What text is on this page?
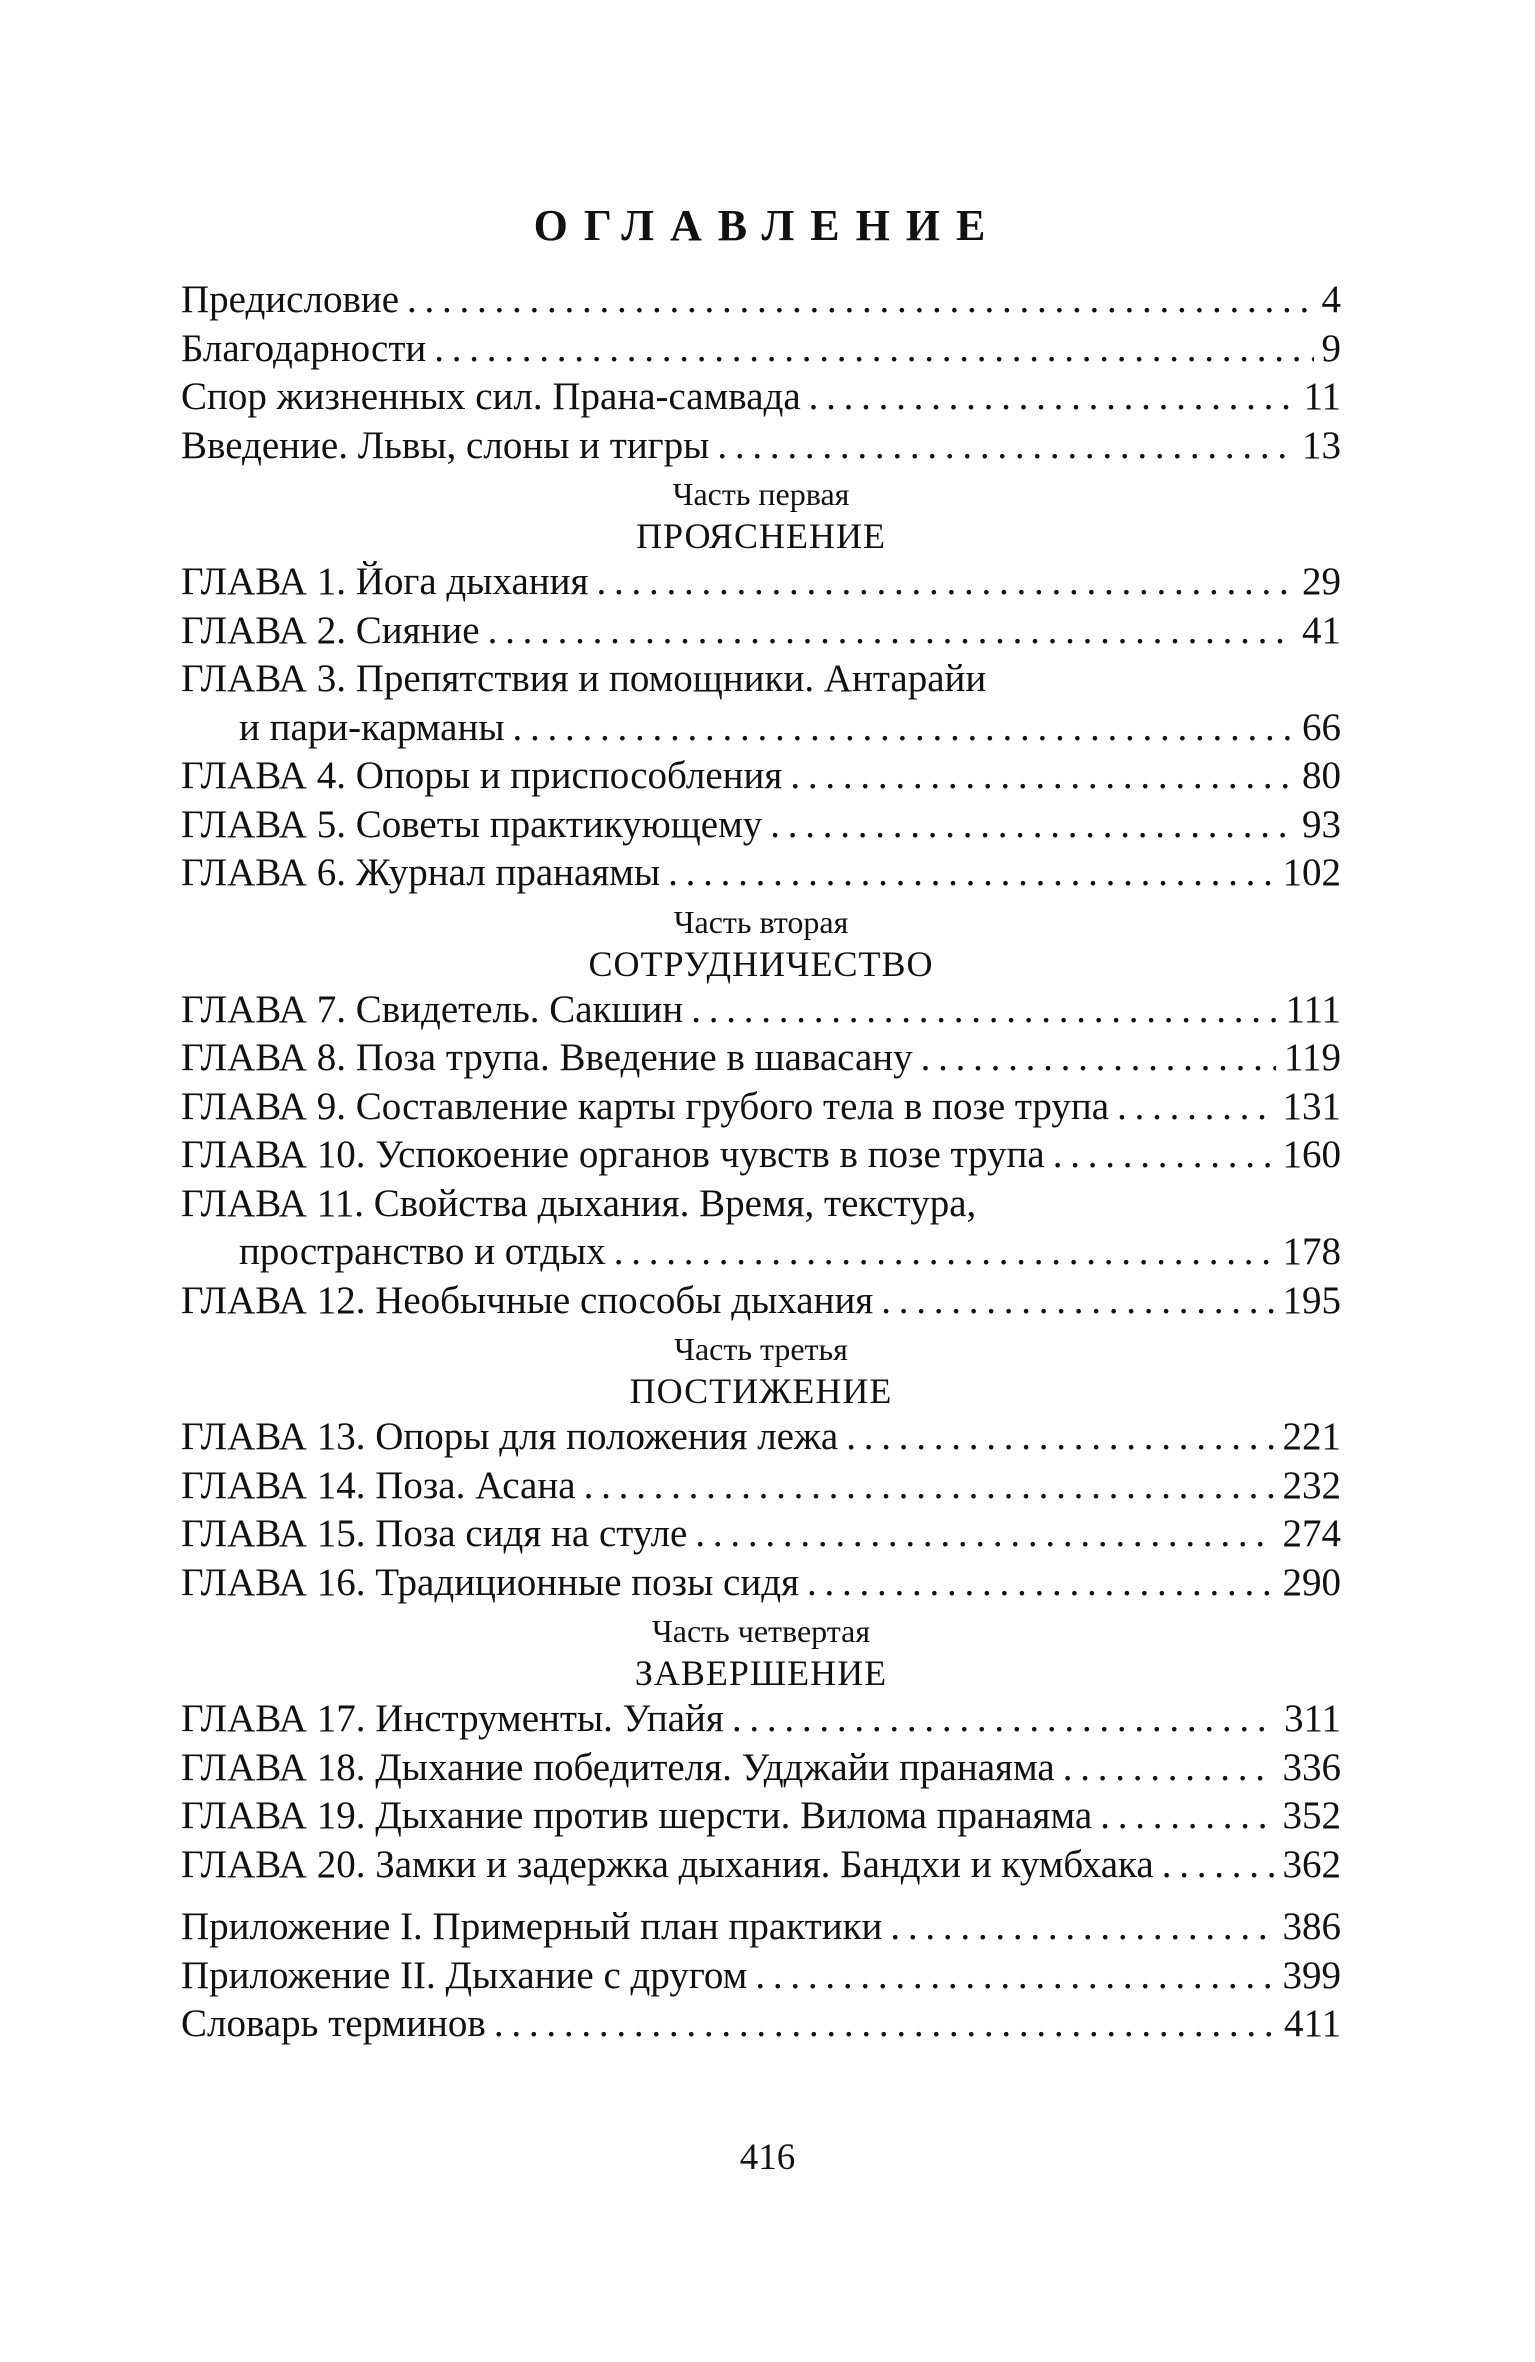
ОГЛАВЛЕНИЕ
Предисловие . . .	4
Благодарности . . .	9
Спор жизненных сил. Прана-самвада . . .	11
Введение. Львы, слоны и тигры . . .	13
Часть первая
ПРОЯСНЕНИЕ
ГЛАВА 1. Йога дыхания . . .	29
ГЛАВА 2. Сияние . . .	41
ГЛАВА 3. Препятствия и помощники. Антарайи
и пари-карманы . . .	66
ГЛАВА 4. Опоры и приспособления . . .	80
ГЛАВА 5. Советы практикующему . . .	93
ГЛАВА 6. Журнал пранаямы . . .	102
Часть вторая
СОТРУДНИЧЕСТВО
ГЛАВА 7. Свидетель. Сакшин . . .	111
ГЛАВА 8. Поза трупа. Введение в шавасану . . .	119
ГЛАВА 9. Составление карты грубого тела в позе трупа . . .	131
ГЛАВА 10. Успокоение органов чувств в позе трупа . . .	160
ГЛАВА 11. Свойства дыхания. Время, текстура,
пространство и отдых . . .	178
ГЛАВА 12. Необычные способы дыхания . . .	195
Часть третья
ПОСТИЖЕНИЕ
ГЛАВА 13. Опоры для положения лежа . . .	221
ГЛАВА 14. Поза. Асана . . .	232
ГЛАВА 15. Поза сидя на стуле . . .	274
ГЛАВА 16. Традиционные позы сидя . . .	290
Часть четвертая
ЗАВЕРШЕНИЕ
ГЛАВА 17. Инструменты. Упайя . . .	311
ГЛАВА 18. Дыхание победителя. Удджайи пранаяма . . .	336
ГЛАВА 19. Дыхание против шерсти. Вилома пранаяма . . .	352
ГЛАВА 20. Замки и задержка дыхания. Бандхи и кумбхака . . .	362
Приложение I. Примерный план практики . . .	386
Приложение II. Дыхание с другом . . .	399
Словарь терминов . . .	411
416
